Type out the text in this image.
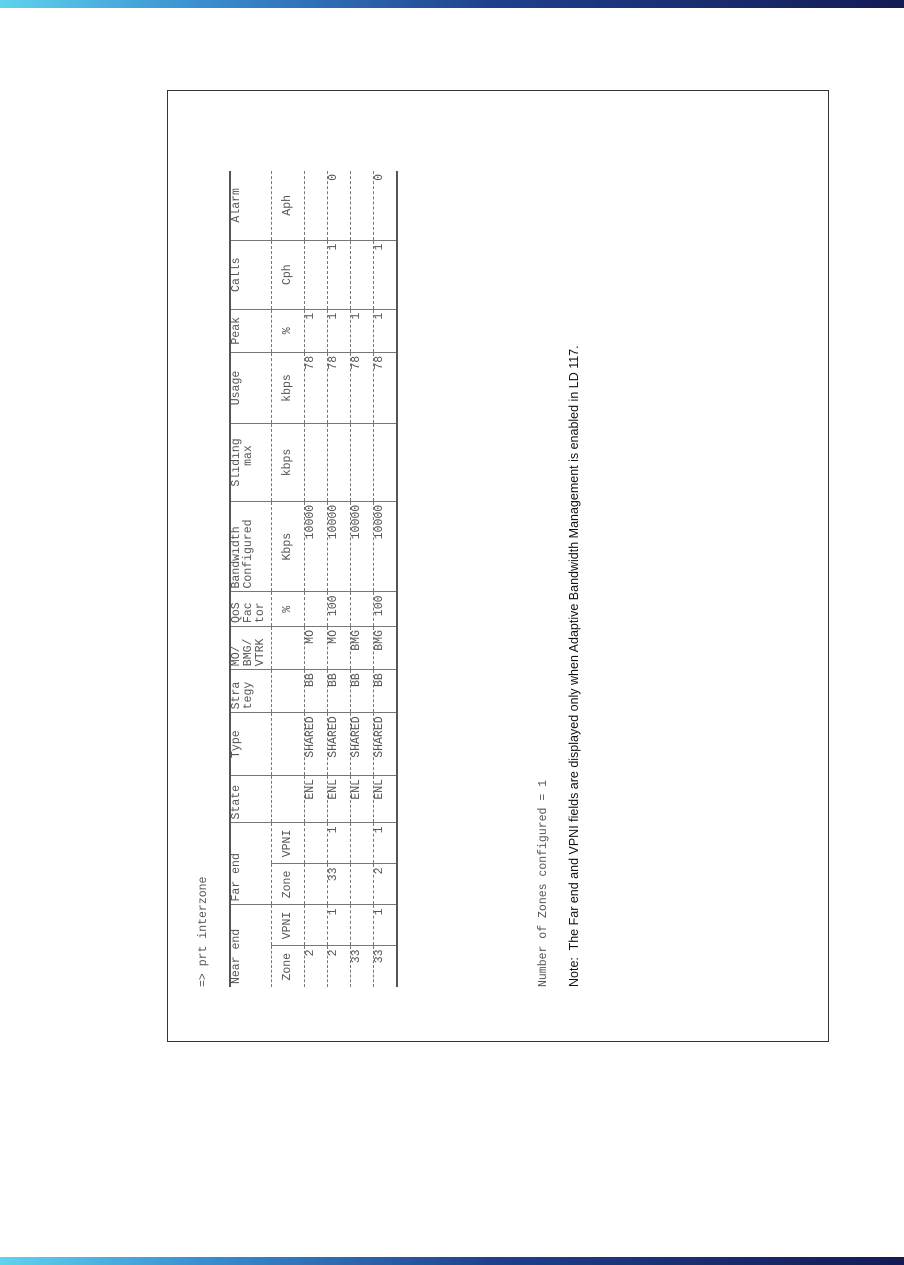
=> prt interzone Near end		Far end		State	Type	Stra
tegy	MO/
BMG/
VTRK	QoS
Fac
tor	Bandwidth
Configured	Sliding
max	Usage	Peak	Calls	Alarm
Zone	VPNI	Zone	VPNI					%	Kbps	kbps	kbps	%	Cph	Aph
2				ENL	SHARED	BB	MO		10000		78	1		
2	1	33	1	ENL	SHARED	BB	MO	100	10000		78	1	1	0
33				ENL	SHARED	BB	BMG		10000		78	1		
33	1	2	1	ENL	SHARED	BB	BMG	100	10000		78	1	1	0
Number of Zones configured = 1 Note:  The Far end and VPNI fields are displayed only when Adaptive Bandwidth Management is enabled in LD 117.
